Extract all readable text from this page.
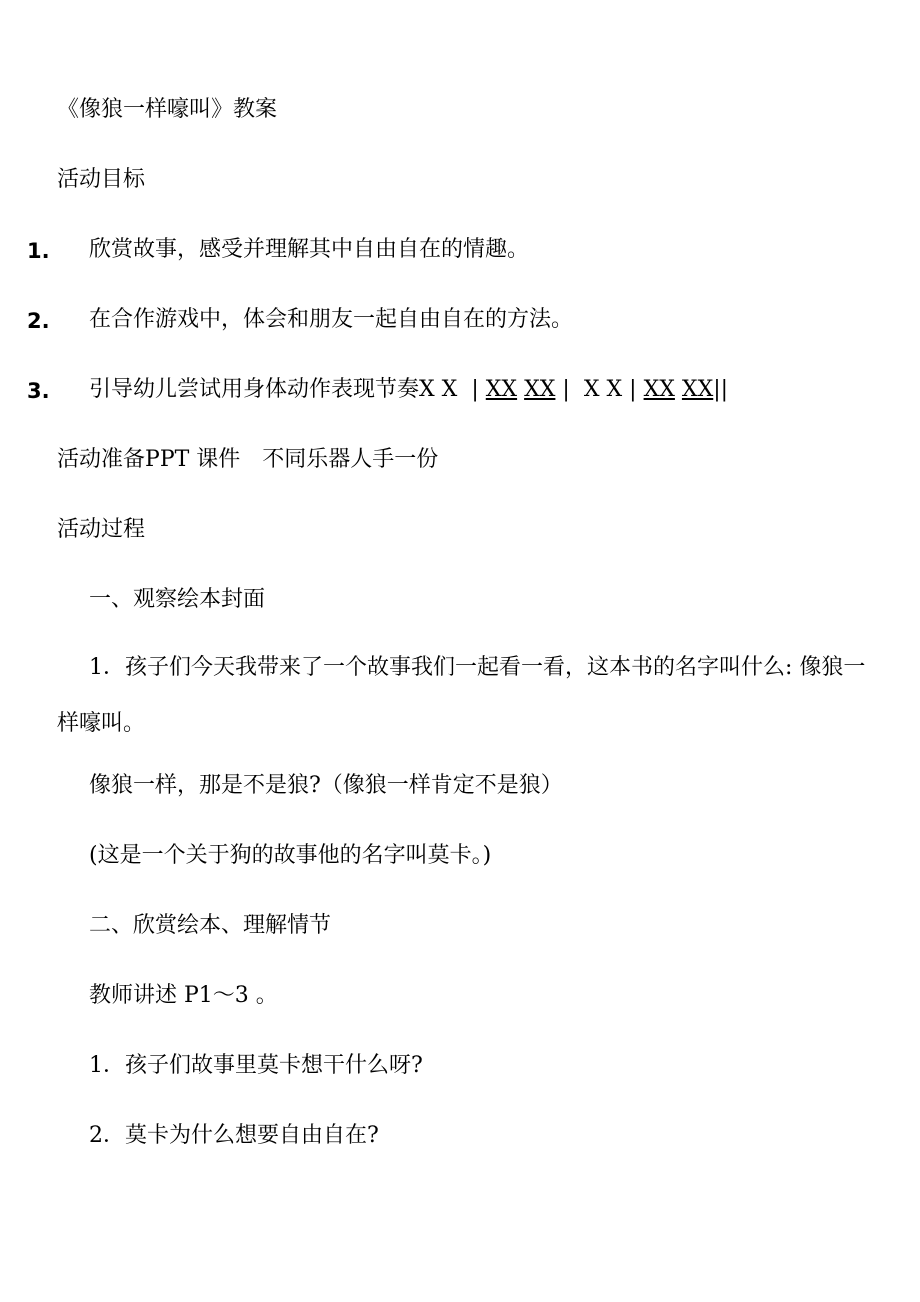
《像狼一样嚎叫》教案
活动目标
1. 欣赏故事，感受并理解其中自由自在的情趣。
2. 在合作游戏中，体会和朋友一起自由自在的方法。
3. 引导幼儿尝试用身体动作表现节奏X X | XX XX | X X | XX XX||
活动准备PPT 课件　不同乐器人手一份
活动过程
一、观察绘本封面
1．孩子们今天我带来了一个故事我们一起看一看，这本书的名字叫什么: 像狼一样嚎叫。
像狼一样，那是不是狼?（像狼一样肯定不是狼）
(这是一个关于狗的故事他的名字叫莫卡。)
二、欣赏绘本、理解情节
教师讲述 P1～3 。
1．孩子们故事里莫卡想干什么呀?
2．莫卡为什么想要自由自在?
